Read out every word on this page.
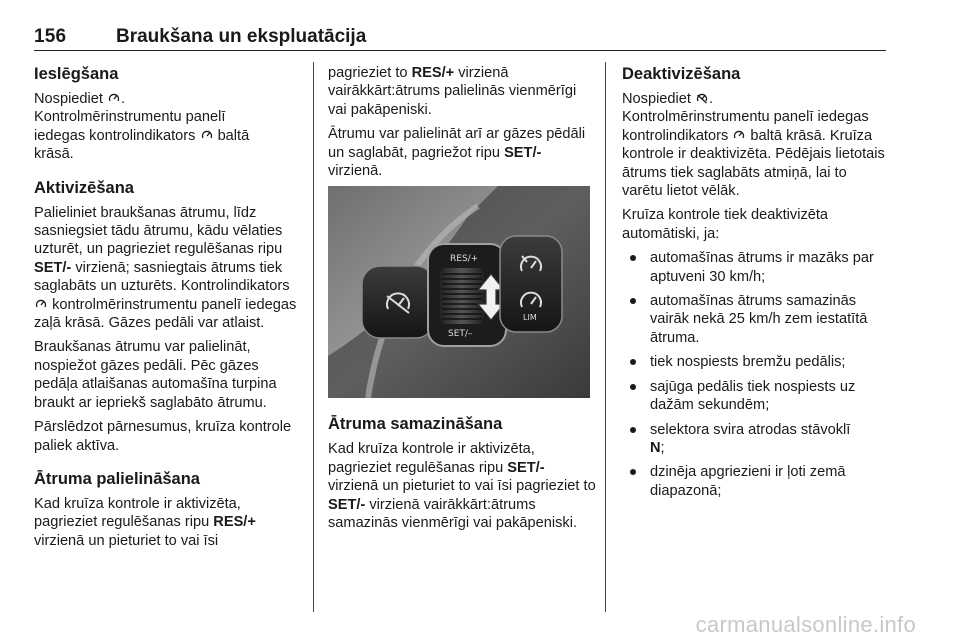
156	Braukšana un ekspluatācija
Ieslēgšana

Nospiediet .
Kontrolmērinstrumentu panelī
iedegas kontrolindikators baltā
krāsā.

Aktivizēšana

Palieliniet braukšanas ātrumu, līdz sasniegsiet tādu ātrumu, kādu vēlaties uzturēt, un pagrieziet regulēšanas ripu SET/- virzienā; sasniegtais ātrums tiek saglabāts un uzturēts. Kontrolindikators  kontrolmērinstrumentu panelī iedegas zaļā krāsā. Gāzes pedāli var atlaist.

Braukšanas ātrumu var palielināt, nospiežot gāzes pedāli. Pēc gāzes pedāļa atlaišanas automašīna turpina braukt ar iepriekš saglabāto ātrumu.

Pārslēdzot pārnesumus, kruīza kontrole paliek aktīva.

Ātruma palielināšana

Kad kruīza kontrole ir aktivizēta, pagrieziet regulēšanas ripu RES/+ virzienā un pieturiet to vai īsi

pagrieziet to RES/+ virzienā vairākkārt:ātrums palielinās vienmērīgi vai pakāpeniski.

Ātrumu var palielināt arī ar gāzes pēdāli un saglabāt, pagriežot ripu SET/- virzienā.

RES/+
SET/–
LIM
Ātruma samazināšana

Kad kruīza kontrole ir aktivizēta, pagrieziet regulēšanas ripu SET/- virzienā un pieturiet to vai īsi pagrieziet to SET/- virzienā vairākkārt:ātrums samazinās vienmērīgi vai pakāpeniski.

Deaktivizēšana

Nospiediet .
Kontrolmērinstrumentu panelī iedegas kontrolindikators baltā krāsā. Kruīza kontrole ir deaktivizēta. Pēdējais lietotais ātrums tiek saglabāts atmiņā, lai to varētu lietot vēlāk.

Kruīza kontrole tiek deaktivizēta automātiski, ja:

automašīnas ātrums ir mazāks par aptuveni 30 km/h;
automašīnas ātrums samazinās vairāk nekā 25 km/h zem iestatītā ātruma.
tiek nospiests bremžu pedālis;
sajūga pedālis tiek nospiests uz dažām sekundēm;
selektora svira atrodas stāvoklī
N;
dzinēja apgriezieni ir ļoti zemā diapazonā;
carmanualsonline.info
